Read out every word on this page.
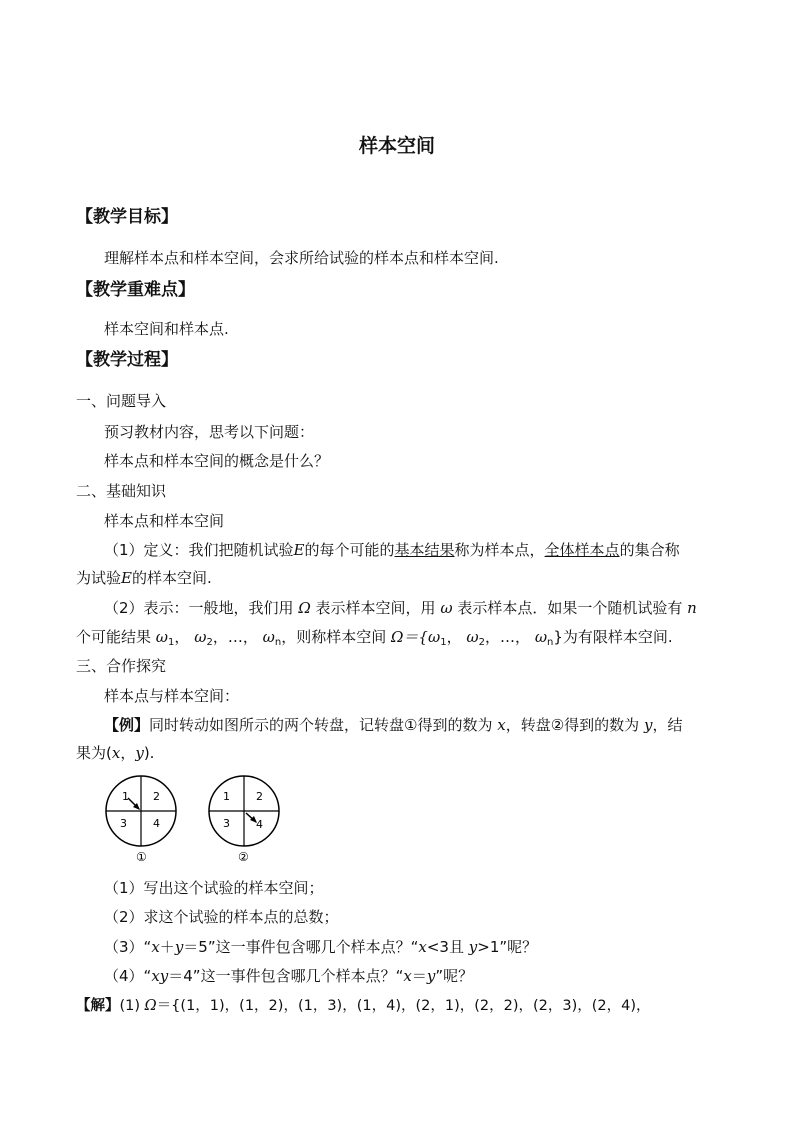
样本空间
【教学目标】
理解样本点和样本空间，会求所给试验的样本点和样本空间.
【教学重难点】
样本空间和样本点.
【教学过程】
一、问题导入
预习教材内容，思考以下问题：
样本点和样本空间的概念是什么？
二、基础知识
样本点和样本空间
（1）定义：我们把随机试验E的每个可能的基本结果称为样本点，全体样本点的集合称
为试验E的样本空间.
（2）表示：一般地，我们用 Ω 表示样本空间，用 ω 表示样本点．如果一个随机试验有 n
个可能结果 $\omega_1$， $\omega_2$，…， $\omega_n$，则称样本空间 $\Omega=\{\omega_1$， $\omega_2$，…， $\omega_n$}为有限样本空间.
三、合作探究
样本点与样本空间：
【例】同时转动如图所示的两个转盘，记转盘①得到的数为 x，转盘②得到的数为 y，结
果为(x，y).
1 2
3 4
①
1 2
3 4
②
（1）写出这个试验的样本空间；
（2）求这个试验的样本点的总数；
（3）“x＋y＝5”这一事件包含哪几个样本点？“x<3且 y>1”呢？
（4）“xy＝4”这一事件包含哪几个样本点？“x＝y”呢？
【解】(1) Ω＝{(1，1)，(1，2)，(1，3)，(1，4)，(2，1)，(2，2)，(2，3)，(2，4)，
